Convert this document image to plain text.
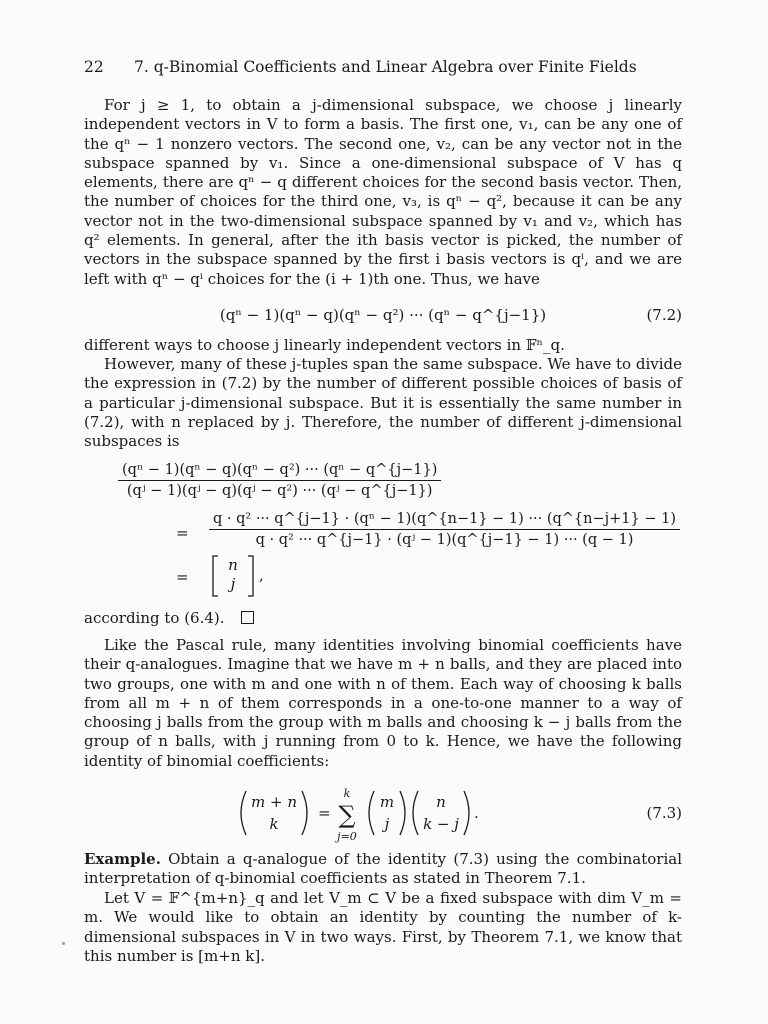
22 7. q-Binomial Coefficients and Linear Algebra over Finite Fields

For j ≥ 1, to obtain a j-dimensional subspace, we choose j linearly independent vectors in V to form a basis. The first one, v₁, can be any one of the qⁿ − 1 nonzero vectors. The second one, v₂, can be any vector not in the subspace spanned by v₁. Since a one-dimensional subspace of V has q elements, there are qⁿ − q different choices for the second basis vector. Then, the number of choices for the third one, v₃, is qⁿ − q², because it can be any vector not in the two-dimensional subspace spanned by v₁ and v₂, which has q² elements. In general, after the ith basis vector is picked, the number of vectors in the subspace spanned by the first i basis vectors is qⁱ, and we are left with qⁿ − qⁱ choices for the (i + 1)th one. Thus, we have

(qⁿ − 1)(qⁿ − q)(qⁿ − q²) ··· (qⁿ − q^{j−1})	(7.2)

different ways to choose j linearly independent vectors in 𝔽ⁿ_q.

However, many of these j-tuples span the same subspace. We have to divide the expression in (7.2) by the number of different possible choices of basis of a particular j-dimensional subspace. But it is essentially the same number in (7.2), with n replaced by j. Therefore, the number of different j-dimensional subspaces is

$\frac{\text{(qⁿ − 1)(qⁿ − q)(qⁿ − q²) ··· (qⁿ − q\textasciicircum{}\{j−1\})}}{\text{(qʲ − 1)(qʲ − q)(qʲ − q²) ··· (qʲ − q\textasciicircum{}\{j−1\})}}$
=
q · q² ··· q^{j−1} · (qⁿ − 1)(q^{n−1} − 1) ··· (q^{n−j+1} − 1)
q · q² ··· q^{j−1} · (qʲ − 1)(q^{j−1} − 1) ··· (q − 1)
=	,
n
j

according to (6.4).

Like the Pascal rule, many identities involving binomial coefficients have their q-analogues. Imagine that we have m + n balls, and they are placed into two groups, one with m and one with n of them. Each way of choosing k balls from all m + n of them corresponds in a one-to-one manner to a way of choosing j balls from the group with m balls and choosing k − j balls from the group of n balls, with j running from 0 to k. Hence, we have the following identity of binomial coefficients:

m + n
k
=
k
∑
j=0
m
j
n
k − j
.	(7.3)

Example. Obtain a q-analogue of the identity (7.3) using the combinatorial interpretation of q-binomial coefficients as stated in Theorem 7.1.

Let V = 𝔽^{m+n}_q and let V_m ⊂ V be a fixed subspace with dim V_m = m. We would like to obtain an identity by counting the number of k-dimensional subspaces in V in two ways. First, by Theorem 7.1, we know that this number is [m+n k].
